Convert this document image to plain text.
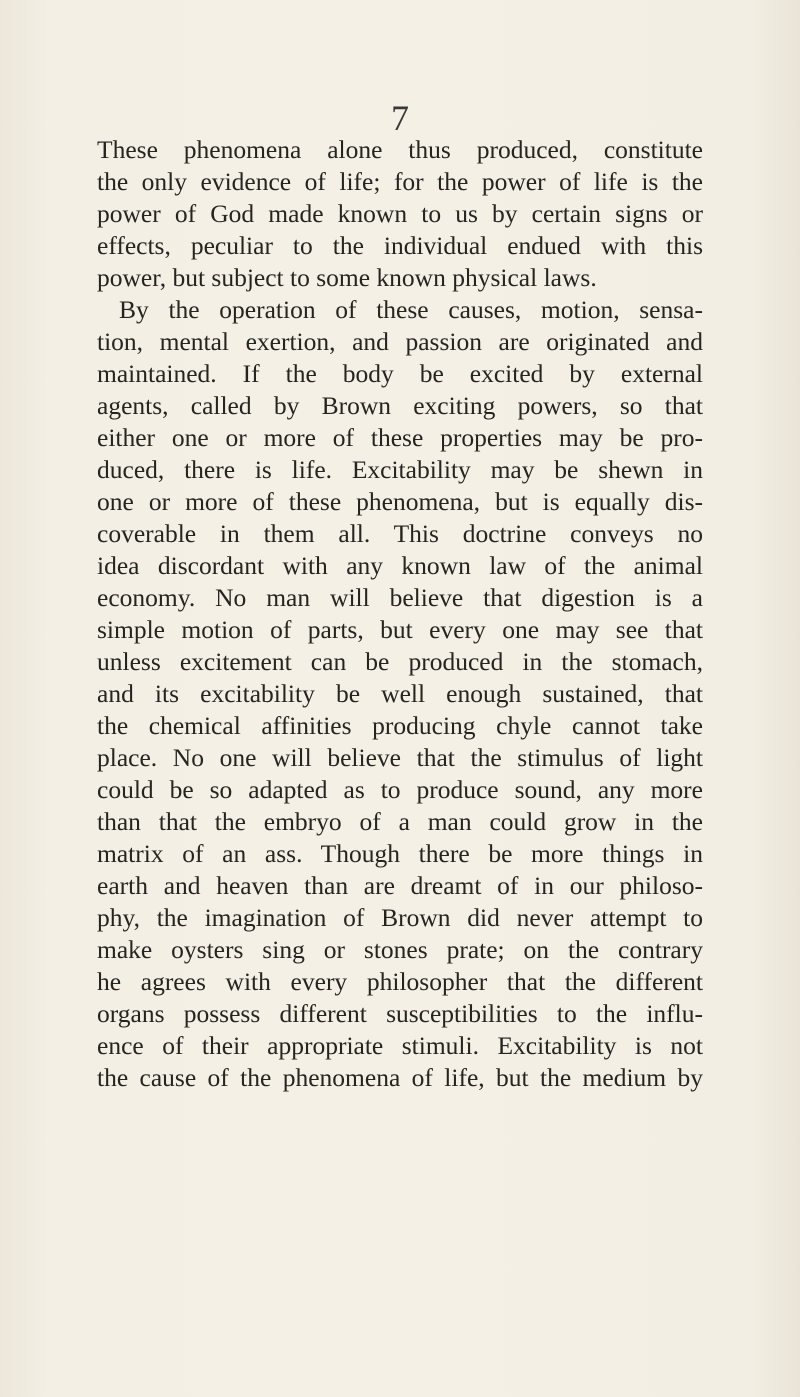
7
These phenomena alone thus produced, constitute
the only evidence of life; for the power of life is the
power of God made known to us by certain signs or
effects, peculiar to the individual endued with this
power, but subject to some known physical laws.
By the operation of these causes, motion, sensa-
tion, mental exertion, and passion are originated and
maintained. If the body be excited by external
agents, called by Brown exciting powers, so that
either one or more of these properties may be pro-
duced, there is life. Excitability may be shewn in
one or more of these phenomena, but is equally dis-
coverable in them all. This doctrine conveys no
idea discordant with any known law of the animal
economy. No man will believe that digestion is a
simple motion of parts, but every one may see that
unless excitement can be produced in the stomach,
and its excitability be well enough sustained, that
the chemical affinities producing chyle cannot take
place. No one will believe that the stimulus of light
could be so adapted as to produce sound, any more
than that the embryo of a man could grow in the
matrix of an ass. Though there be more things in
earth and heaven than are dreamt of in our philoso-
phy, the imagination of Brown did never attempt to
make oysters sing or stones prate; on the contrary
he agrees with every philosopher that the different
organs possess different susceptibilities to the influ-
ence of their appropriate stimuli. Excitability is not
the cause of the phenomena of life, but the medium by
